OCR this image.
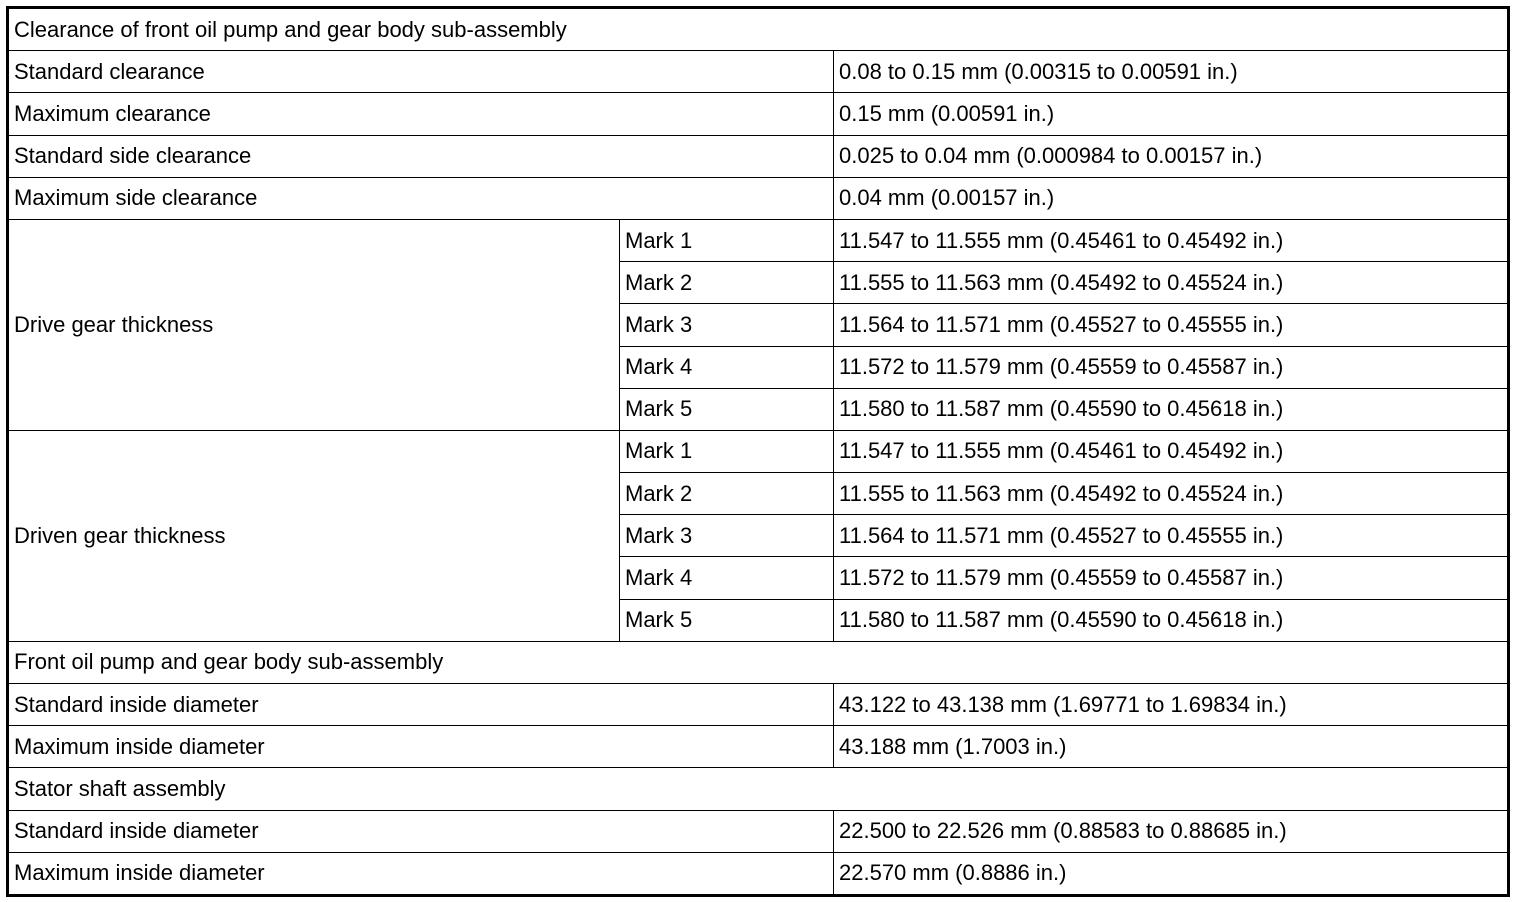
Clearance of front oil pump and gear body sub-assembly		
Standard clearance		0.08 to 0.15 mm (0.00315 to 0.00591 in.)
Maximum clearance		0.15 mm (0.00591 in.)
Standard side clearance		0.025 to 0.04 mm (0.000984 to 0.00157 in.)
Maximum side clearance		0.04 mm (0.00157 in.)
Drive gear thickness	Mark 1	11.547 to 11.555 mm (0.45461 to 0.45492 in.)
	Mark 2	11.555 to 11.563 mm (0.45492 to 0.45524 in.)
	Mark 3	11.564 to 11.571 mm (0.45527 to 0.45555 in.)
	Mark 4	11.572 to 11.579 mm (0.45559 to 0.45587 in.)
	Mark 5	11.580 to 11.587 mm (0.45590 to 0.45618 in.)
Driven gear thickness	Mark 1	11.547 to 11.555 mm (0.45461 to 0.45492 in.)
	Mark 2	11.555 to 11.563 mm (0.45492 to 0.45524 in.)
	Mark 3	11.564 to 11.571 mm (0.45527 to 0.45555 in.)
	Mark 4	11.572 to 11.579 mm (0.45559 to 0.45587 in.)
	Mark 5	11.580 to 11.587 mm (0.45590 to 0.45618 in.)
Front oil pump and gear body sub-assembly		
Standard inside diameter		43.122 to 43.138 mm (1.69771 to 1.69834 in.)
Maximum inside diameter		43.188 mm (1.7003 in.)
Stator shaft assembly		
Standard inside diameter		22.500 to 22.526 mm (0.88583 to 0.88685 in.)
Maximum inside diameter		22.570 mm (0.8886 in.)
